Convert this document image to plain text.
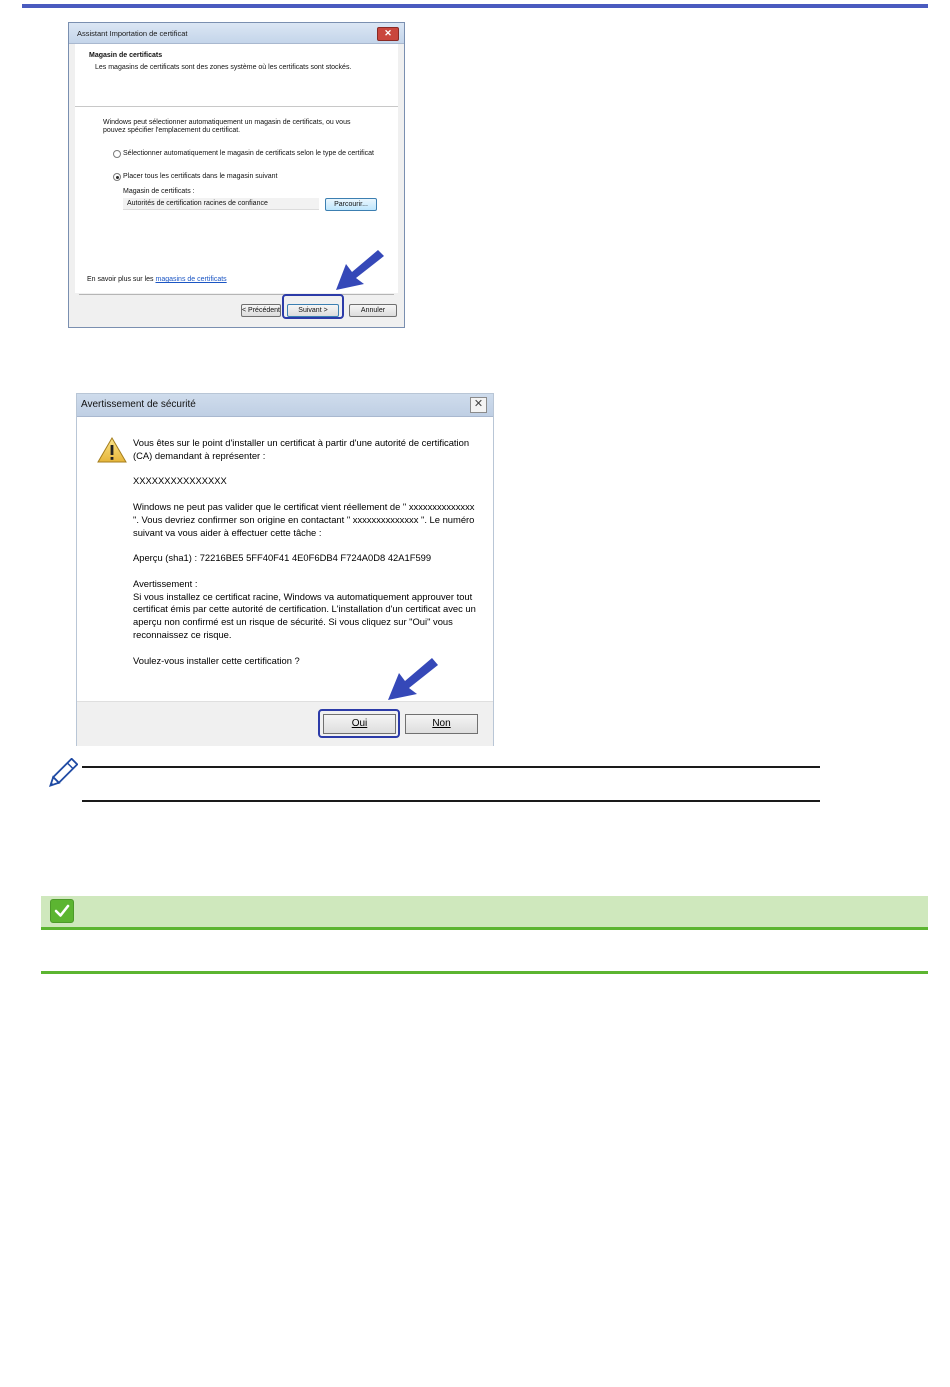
Assistant Importation de certificat	✕
Magasin de certificats
Les magasins de certificats sont des zones système où les certificats sont stockés.
Windows peut sélectionner automatiquement un magasin de certificats, ou vous pouvez spécifier l'emplacement du certificat.
Sélectionner automatiquement le magasin de certificats selon le type de certificat
Placer tous les certificats dans le magasin suivant
Magasin de certificats :
Autorités de certification racines de confiance	Parcourir...
En savoir plus sur les magasins de certificats
< Précédent	Suivant >	Annuler
Avertissement de sécurité	✕

Vous êtes sur le point d'installer un certificat à partir d'une autorité de certification (CA) demandant à représenter :

XXXXXXXXXXXXXXX

Windows ne peut pas valider que le certificat vient réellement de " xxxxxxxxxxxxxx ". Vous devriez confirmer son origine en contactant " xxxxxxxxxxxxxx ". Le numéro suivant va vous aider à effectuer cette tâche :

Aperçu (sha1) : 72216BE5 5FF40F41 4E0F6DB4 F724A0D8 42A1F599

Avertissement :

Si vous installez ce certificat racine, Windows va automatiquement approuver tout certificat émis par cette autorité de certification. L'installation d'un certificat avec un aperçu non confirmé est un risque de sécurité. Si vous cliquez sur "Oui" vous reconnaissez ce risque.

Voulez-vous installer cette certification ?

Oui	Non
